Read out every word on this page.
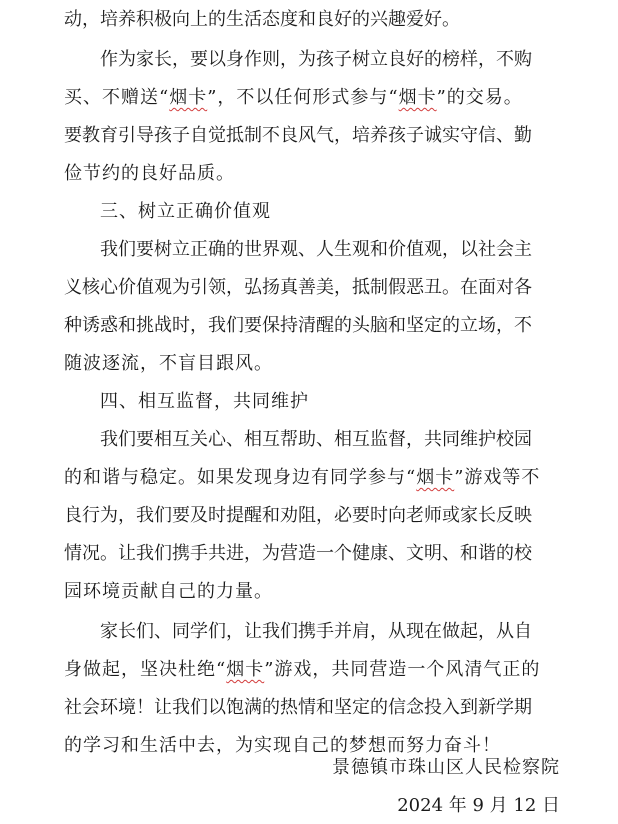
动，培养积极向上的生活态度和良好的兴趣爱好。
作为家长，要以身作则，为孩子树立良好的榜样，不购
买、不赠送“ 烟卡 ”，不以任何形式参与“ 烟卡 ”的交易。
要教育引导孩子自觉抵制不良风气，培养孩子诚实守信、勤
俭节约的良好品质。
三、树立正确价值观
我们要树立正确的世界观、人生观和价值观，以社会主
义核心价值观为引领，弘扬真善美，抵制假恶丑。在面对各
种诱惑和挑战时，我们要保持清醒的头脑和坚定的立场，不
随波逐流，不盲目跟风。
四、相互监督，共同维护
我们要相互关心、相互帮助、相互监督，共同维护校园
的和谐与稳定。如果发现身边有同学参与“ 烟卡 ”游戏等不
良行为，我们要及时提醒和劝阻，必要时向老师或家长反映
情况。让我们携手共进，为营造一个健康、文明、和谐的校
园环境贡献自己的力量。
家长们、同学们，让我们携手并肩，从现在做起，从自
身做起，坚决杜绝“ 烟卡 ”游戏，共同营造一个风清气正的
社会环境！让我们以饱满的热情和坚定的信念投入到新学期
的学习和生活中去，为实现自己的梦想而努力奋斗！
景德镇市珠山区人民检察院
2024 年 9 月 12 日
